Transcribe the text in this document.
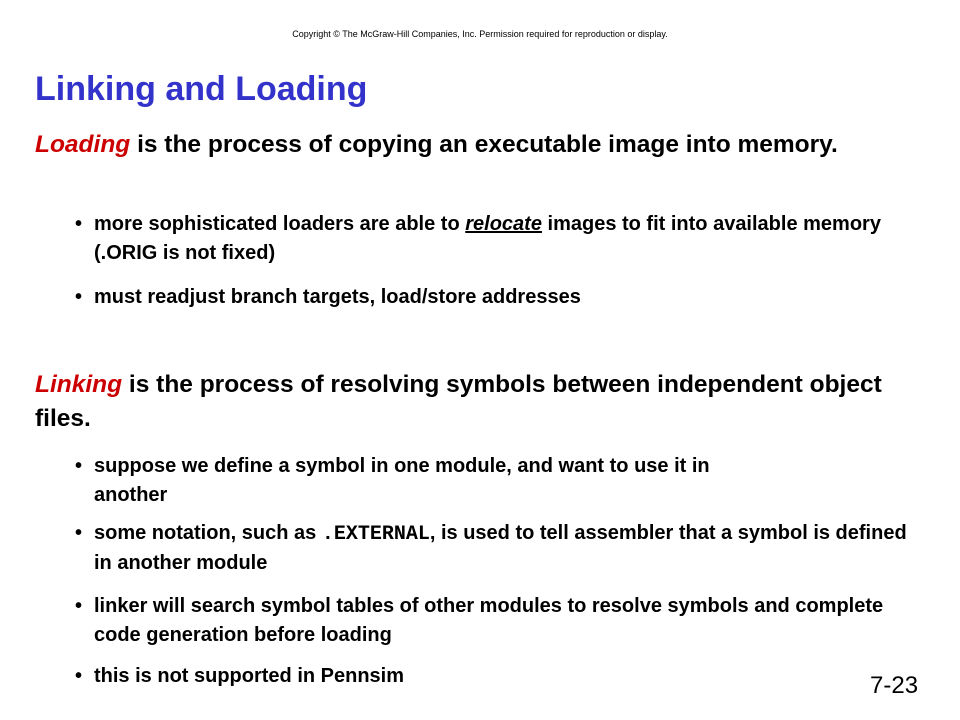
Copyright © The McGraw-Hill Companies, Inc. Permission required for reproduction or display.
Linking and Loading

Loading is the process of copying an executable image into memory.

• more sophisticated loaders are able to relocate images to fit into available memory (.ORIG is not fixed)
• must readjust branch targets, load/store addresses

Linking is the process of resolving symbols between independent object files.

• suppose we define a symbol in one module, and want to use it in another
• some notation, such as .EXTERNAL, is used to tell assembler that a symbol is defined in another module
• linker will search symbol tables of other modules to resolve symbols and complete code generation before loading
• this is not supported in Pennsim	7-23
